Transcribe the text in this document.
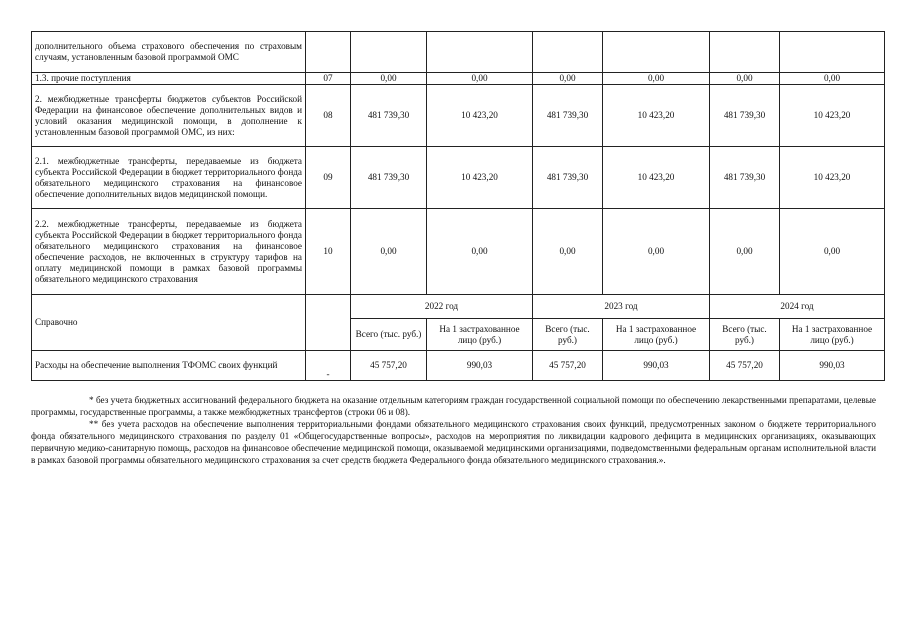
дополнительного объема страхового обеспечения по страховым случаям, установленным базовой программой ОМС							
1.3. прочие поступления	07	0,00	0,00	0,00	0,00	0,00	0,00
2. межбюджетные трансферты бюджетов субъектов Российской Федерации на финансовое обеспечение дополнительных видов и условий оказания медицинской помощи, в дополнение к установленным базовой программой ОМС, из них:	08	481 739,30	10 423,20	481 739,30	10 423,20	481 739,30	10 423,20
2.1. межбюджетные трансферты, передаваемые из бюджета субъекта Российской Федерации в бюджет территориального фонда обязательного медицинского страхования на финансовое обеспечение дополнительных видов медицинской помощи.	09	481 739,30	10 423,20	481 739,30	10 423,20	481 739,30	10 423,20
2.2. межбюджетные трансферты, передаваемые из бюджета субъекта Российской Федерации в бюджет территориального фонда обязательного медицинского страхования на финансовое обеспечение расходов, не включенных в структуру тарифов на оплату медицинской помощи в рамках базовой программы обязательного медицинского страхования	10	0,00	0,00	0,00	0,00	0,00	0,00
Справочно		2022 год		2023 год		2024 год	
		Всего (тыс. руб.)	На 1 застрахованное лицо (руб.)	Всего (тыс. руб.)	На 1 застрахованное лицо (руб.)	Всего (тыс. руб.)	На 1 застрахованное лицо (руб.)
Расходы на обеспечение выполнения ТФОМС своих функций	-	45 757,20	990,03	45 757,20	990,03	45 757,20	990,03

* без учета бюджетных ассигнований федерального бюджета на оказание отдельным категориям граждан государственной социальной помощи по обеспечению лекарственными препаратами, целевые программы, государственные программы, а также межбюджетных трансфертов (строки 06 и 08).

** без учета расходов на обеспечение выполнения территориальными фондами обязательного медицинского страхования своих функций, предусмотренных законом о бюджете территориального фонда обязательного медицинского страхования по разделу 01 «Общегосударственные вопросы», расходов на мероприятия по ликвидации кадрового дефицита в медицинских организациях, оказывающих первичную медико-санитарную помощь, расходов на финансовое обеспечение медицинской помощи, оказываемой медицинскими организациями, подведомственными федеральным органам исполнительной власти в рамках базовой программы обязательного медицинского страхования за счет средств бюджета Федерального фонда обязательного медицинского страхования.».
